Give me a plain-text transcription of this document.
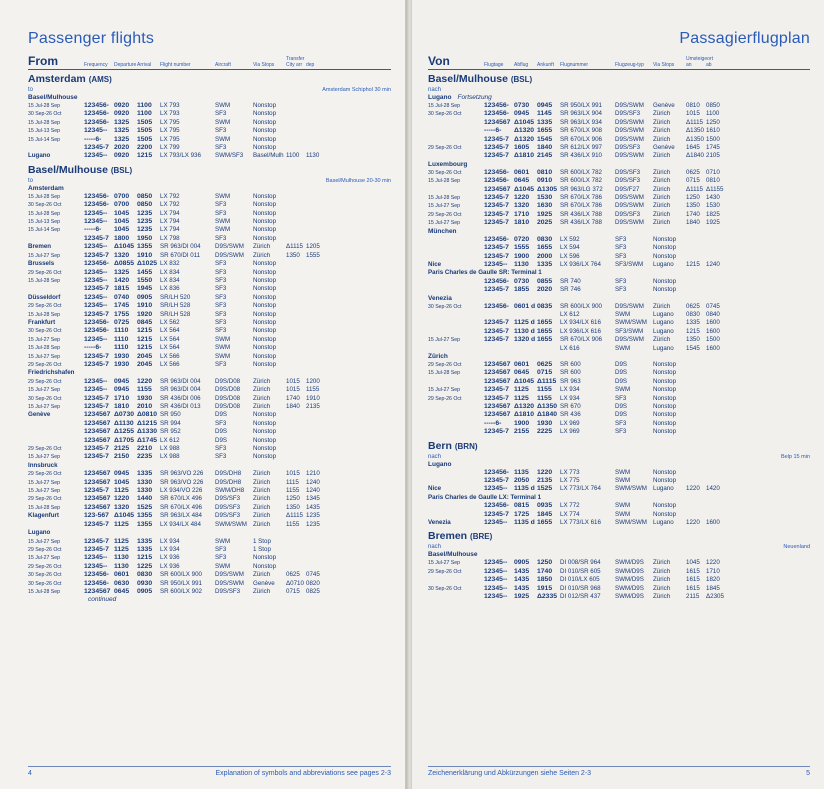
Passenger flights
From	Frequency	Departure Arrival	Flight number	Aircraft	Via Stops
Transfer City arr dep
Amsterdam (AMS)
to	Amsterdam Schiphol 30 min
Basel/Mulhouse
15 Jul-28 Sep	123456- 0920	1100	LX 793	SWM	Nonstop
30 Sep-26 Oct	123456- 0920	1100	LX 793	SF3	Nonstop
15 Jul-28 Sep	123456- 1325	1505	LX 795	SWM	Nonstop
15 Jul-13 Sep	12345-- 1325	1505	LX 795	SF3	Nonstop
15 Jul-14 Sep	-----6-	1325	1505	LX 795	SWM	Nonstop
12345-7 2020	2200	LX 799	SF3	Nonstop
Lugano	12345-- 0920	1215	LX 793/LX 936	SWM/SF3	Basel/Mulh 1100	1130
Basel/Mulhouse (BSL)
to	Basel/Mulhouse 20-30 min
Amsterdam
15 Jul-28 Sep	123456- 0700	0850	LX 792	SWM	Nonstop
30 Sep-26 Oct	123456- 0700	0850	LX 792	SF3	Nonstop
15 Jul-28 Sep	12345-- 1045	1235	LX 794	SF3	Nonstop
15 Jul-13 Sep	12345-- 1045	1235	LX 794	SWM	Nonstop
15 Jul-14 Sep	-----6-	1045	1235	LX 794	SWM	Nonstop
12345-7 1800	1950	LX 798	SF3	Nonstop
Bremen	12345-- Δ1045 1355	SR 963/DI 004	D9S/SWM	Zürich	Δ1115 1205
15 Jul-27 Sep	12345-7 1320	1910	SR 670/DI 011	D9S/SWM	Zürich	1350	1555
Brussels	123456- Δ0855 Δ1025 LX 832	SF3	Nonstop
29 Sep-26 Oct	12345-- 1325	1455	LX 834	SF3	Nonstop
15 Jul-28 Sep	12345-- 1420	1550	LX 834	SF3	Nonstop
12345-7 1815	1945	LX 836	SF3	Nonstop
Düsseldorf	12345-- 0740	0905	SR/LH 520	SF3	Nonstop
29 Sep-26 Oct	12345-- 1745	1910	SR/LH 528	SF3	Nonstop
15 Jul-28 Sep	12345-7 1755	1920	SR/LH 528	SF3	Nonstop
Frankfurt	123456- 0725	0845	LX 562	SF3	Nonstop
30 Sep-26 Oct	123456- 1110	1215	LX 564	SF3	Nonstop
15 Jul-27 Sep	12345-- 1110	1215	LX 564	SWM	Nonstop
15 Jul-28 Sep	-----6-	1110	1215	LX 564	SWM	Nonstop
15 Jul-27 Sep	12345-7 1930	2045	LX 566	SWM	Nonstop
29 Sep-26 Oct	12345-7 1930	2045	LX 566	SF3	Nonstop
Friedrichshafen
29 Sep-26 Oct	12345-- 0945	1220	SR 963/DI 004	D9S/D08	Zürich	1015	1200
15 Jul-27 Sep	12345-- 0945	1155	SR 963/DI 004	D9S/D08	Zürich	1015	1155
30 Sep-26 Oct	12345-7 1710	1930	SR 436/DI 006	D9S/D08	Zürich	1740	1910
15 Jul-27 Sep	12345-7 1810	2010	SR 436/DI 013	D9S/D08	Zürich	1840	2135
Genève	1234567 Δ0730 Δ0810 SR 950	D9S	Nonstop
1234567 Δ1130 Δ1215 SR 994	SF3	Nonstop
1234567 Δ1255 Δ1330 SR 952	D9S	Nonstop
1234567 Δ1705 Δ1745 LX 612	D9S	Nonstop
29 Sep-26 Oct	12345-7 2125	2210	LX 988	SF3	Nonstop
15 Jul-27 Sep	12345-7 2150	2235	LX 988	SF3	Nonstop
Innsbruck
29 Sep-26 Oct	1234567 0945	1335	SR 963/VO 226	D9S/DH8	Zürich	1015	1210
15 Jul-27 Sep	1234567 1045	1330	SR 963/VO 226	D9S/DH8	Zürich	1115	1240
15 Jul-27 Sep	12345-7 1125	1330	LX 934/VO 226	SWM/DH8	Zürich	1155	1240
29 Sep-26 Oct	1234567 1220	1440	SR 670/LX 496	D9S/SF3	Zürich	1250	1345
15 Jul-28 Sep	1234567 1320	1525	SR 670/LX 496	D9S/SF3	Zürich	1350	1435
Klagenfurt	123-567 Δ1045 1355	SR 963/LX 484	D9S/SF3	Zürich	Δ1115 1235
12345-7 1125	1355	LX 934/LX 484	SWM/SWM Zürich	1155	1235
Lugano
15 Jul-27 Sep	12345-7 1125	1335	LX 934	SWM	1 Stop
29 Sep-26 Oct	12345-7 1125	1335	LX 934	SF3	1 Stop
15 Jul-27 Sep	12345-- 1130	1215	LX 936	SF3	Nonstop
29 Sep-26 Oct	12345-- 1130	1225	LX 936	SWM	Nonstop
30 Sep-26 Oct	123456- 0601	0830	SR 600/LX 900	D9S/SWM	Zürich	0625	0745
30 Sep-26 Oct	123456- 0630	0930	SR 950/LX 991	D9S/SWM	Genève	Δ0710 0820
15 Jul-28 Sep	1234567 0645	0905	SR 600/LX 902	D9S/SF3	Zürich	0715	0825
continued
4	Explanation of symbols and abbreviations see pages 2-3
Passagierflugplan
Von	Flugtage	Abflug	Ankunft	Flugnummer	Flugzeug-typ	Via Stops
Umsteigeort an	ab
Basel/Mulhouse (BSL)
nach
Lugano Fortsetzung
15 Jul-28 Sep	123456- 0730	0945	SR 950/LX 991	D9S/SWM	Genève	0810	0850
30 Sep-26 Oct	123456- 0945	1145	SR 963/LX 904	D9S/SF3	Zürich	1015	1100
1234567 Δ1045 1335	SR 963/LX 934	D9S/SWM	Zürich	Δ1115 1250
-----6-	Δ1320 1655	SR 670/LX 908	D9S/SWM	Zürich	Δ1350 1610
12345-7 Δ1320 1545	SR 670/LX 906	D9S/SWM	Zürich	Δ1350 1500
29 Sep-26 Oct	12345-7 1605	1840	SR 612/LX 997	D9S/SF3	Genève	1645	1745
12345-7 Δ1810 2145	SR 436/LX 910	D9S/SWM	Zürich	Δ1840 2105
Luxembourg
30 Sep-26 Oct	123456- 0601	0810	SR 600/LX 782	D9S/SF3	Zürich	0625	0710
15 Jul-28 Sep	123456- 0645	0910	SR 600/LX 782	D9S/SF3	Zürich	0715	0810
1234567 Δ1045 Δ1305 SR 963/LG 372	D9S/F27	Zürich	Δ1115 Δ1155
15 Jul-28 Sep	12345-7 1220	1530	SR 670/LX 786	D9S/SWM	Zürich	1250	1430
15 Jul-27 Sep	12345-7 1320	1630	SR 670/LX 786	D9S/SWM	Zürich	1350	1530
29 Sep-26 Oct	12345-7 1710	1925	SR 436/LX 788	D9S/SF3	Zürich	1740	1825
15 Jul-27 Sep	12345-7 1810	2025	SR 436/LX 788	D9S/SWM	Zürich	1840	1925
München
123456- 0720	0830	LX 592	SF3	Nonstop
12345-7 1555	1655	LX 594	SF3	Nonstop
12345-7 1900	2000	LX 596	SF3	Nonstop
Nice	12345-- 1130	1335	LX 936/LX 764	SF3/SWM	Lugano	1215	1240
Paris Charles de Gaulle SR: Terminal 1
123456- 0730	0855	SR 740	SF3	Nonstop
12345-7 1855	2020	SR 746	SF3	Nonstop
Venezia
30 Sep-26 Oct	123456- 0601 d 0835	SR 600/LX 900	D9S/SWM	Zürich	0625	0745
LX 612	SWM	Lugano	0830	0840
12345-7 1125 d 1655	LX 934/LX 616	SWM/SWM Lugano	1335	1600
12345-7 1130 d 1655	LX 936/LX 616	SF3/SWM	Lugano	1215	1600
15 Jul-27 Sep	12345-7 1320 d 1655	SR 670/LX 906	D9S/SWM	Zürich	1350	1500
LX 616	SWM	Lugano	1545	1600
Zürich
29 Sep-26 Oct	1234567 0601	0625	SR 600	D9S	Nonstop
15 Jul-28 Sep	1234567 0645	0715	SR 600	D9S	Nonstop
1234567 Δ1045 Δ1115 SR 963	D9S	Nonstop
15 Jul-27 Sep	12345-7 1125	1155	LX 934	SWM	Nonstop
29 Sep-26 Oct	12345-7 1125	1155	LX 934	SF3	Nonstop
1234567 Δ1320 Δ1350 SR 670	D9S	Nonstop
1234567 Δ1810 Δ1840 SR 436	D9S	Nonstop
-----6-	1900	1930	LX 969	SF3	Nonstop
12345-7 2155	2225	LX 969	SF3	Nonstop
Bern (BRN)
nach	Belp 15 min
Lugano
123456- 1135	1220	LX 773	SWM	Nonstop
12345-7 2050	2135	LX 775	SWM	Nonstop
Nice	12345-- 1135 d 1525	LX 773/LX 764	SWM/SWM Lugano	1220	1420
Paris Charles de Gaulle LX: Terminal 1
123456- 0815	0935	LX 772	SWM	Nonstop
12345-7 1725	1845	LX 774	SWM	Nonstop
Venezia	12345-- 1135 d 1655	LX 773/LX 616	SWM/SWM Lugano	1220	1600
Bremen (BRE)
nach	Neuenland
Basel/Mulhouse
15 Jul-27 Sep	12345-- 0905	1250	DI 008/SR 964	SWM/D9S	Zürich	1045	1220
29 Sep-26 Oct	12345-- 1435	1740	DI 010/SR 605	SWM/D9S	Zürich	1615	1710
12345-- 1435	1850	DI 010/LX 605	SWM/D9S	Zürich	1615	1820
30 Sep-26 Oct	12345-- 1435	1915	DI 010/SR 968	SWM/D9S	Zürich	1615	1845
12345-- 1925	Δ2335 DI 012/SR 437	SWM/D9S	Zürich	2115	Δ2305
Zeichenerklärung und Abkürzungen siehe Seiten 2-3	5
